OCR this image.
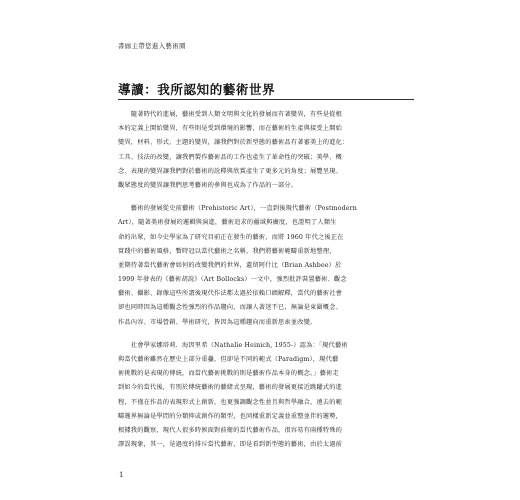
書廊主帶您進入藝術圈
導讀：我所認知的藝術世界
　　隨著時代的進展，藝術受到人類文明與文化的發展而有著變異，有些是從根
本的定義上開始變異，有些則是受到環境的影響，而在藝術的生產與接受上開始
變異，材料、形式、主題的變異，讓我們對於新型態的藝術品有著審美上的進化：
工具、技法的改變，讓我們製作藝術品的工作也產生了革命性的突破；美學、概
念、表現的變異讓我們對於藝術的詮釋與欣賞產生了更多元的角度；展覽呈現、
觀眾態度的變異讓我們思考藝術的參與也成為了作品的一部分。
　　藝術的發展從史前藝術（Prehistoric Art），一直到後現代藝術（Postmodern
Art），隨著美術發展的邏輯與演進，藝術追求的疆域與廣度，也證明了人類生
命的出眾，如今史學家為了研究目前正在發生的藝術，而將 1960 年代之後正在
實踐中的藝術風格，暫時冠以當代藝術之名稱，我們將藝術範疇重新地整理，
並期待著當代藝術會如何的改變我們的世界，遺留阿什比（Brian Ashbee）於
1999 年發表的《藝術胡說》（Art Bollocks）一文中，強烈批評裝置藝術、觀念
藝術、攝影、錄像這些所謂後現代作法都太過於依賴口頭解釋，當代的藝術社會
卻也同時因為這種觀念性強烈的作品趨向，而讓人著迷不已，無論是東圍概念、
作品內容、市場營銷、學術研究，皆因為這種趨向而重新思索並改變。
　　社會學家娜塔莉．海因里希（Nathalie Heinich, 1955-）認為：「現代藝術
與當代藝術雖然在歷史上部分重疊，但卻是不同的範式（Paradigm），現代藝
術挑戰的是表現的傳統，而當代藝術挑戰的則是藝術作品本身的概念。」藝術走
到如今的當代後，有別於傳統藝術的藝緒式呈現，藝術的發展更接近跳躍式的進
程，不僅在作品的表現形式上創新，也更強調觀念性並且與哲學融合，遠去的範
疇邏界無論是學問的分類抑或創作的類型，也同樣重新定義並重整並伴的邏勢，
根據我的觀察，現代人很多時候面對前衛的當代藝術作品，很容易有兩種特殊的
謬誤現象，其一，是過度的排斥當代藝術，即是看到新型態的藝術，由於太過前
1
